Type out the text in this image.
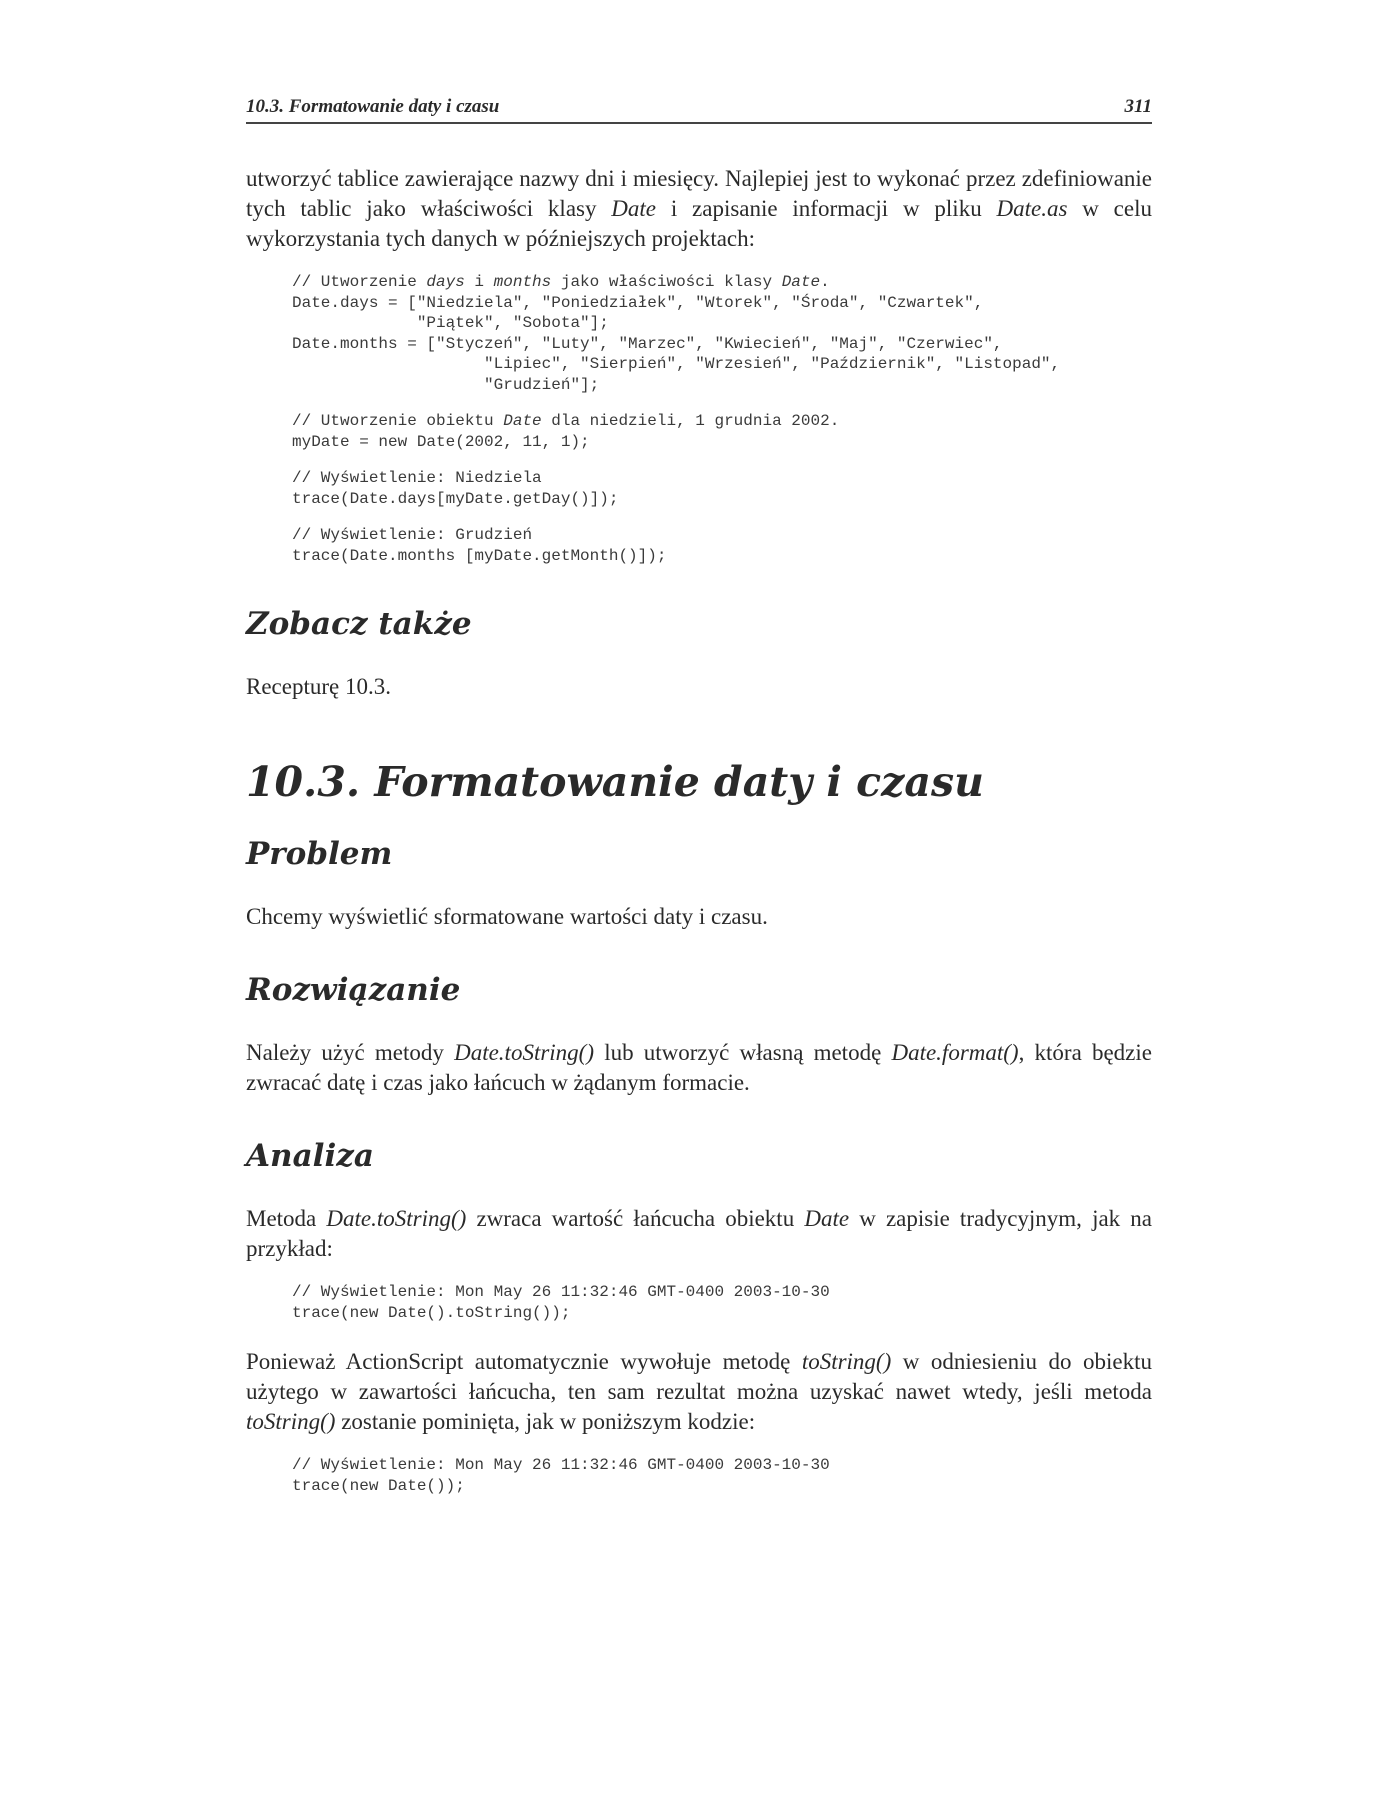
10.3. Formatowanie daty i czasu	311

utworzyć tablice zawierające nazwy dni i miesięcy. Najlepiej jest to wykonać przez zdefiniowanie tych tablic jako właściwości klasy Date i zapisanie informacji w pliku Date.as w celu wykorzystania tych danych w późniejszych projektach:

// Utworzenie days i months jako właściwości klasy Date.
Date.days = ["Niedziela", "Poniedziałek", "Wtorek", "Środa", "Czwartek",
"Piątek", "Sobota"];
Date.months = ["Styczeń", "Luty", "Marzec", "Kwiecień", "Maj", "Czerwiec",
"Lipiec", "Sierpień", "Wrzesień", "Październik", "Listopad",
"Grudzień"];
// Utworzenie obiektu Date dla niedzieli, 1 grudnia 2002.
myDate = new Date(2002, 11, 1);
// Wyświetlenie: Niedziela
trace(Date.days[myDate.getDay()]);
// Wyświetlenie: Grudzień
trace(Date.months [myDate.getMonth()]);
Zobacz także

Recepturę 10.3.

10.3. Formatowanie daty i czasu
Problem

Chcemy wyświetlić sformatowane wartości daty i czasu.

Rozwiązanie

Należy użyć metody Date.toString() lub utworzyć własną metodę Date.format(), która będzie zwracać datę i czas jako łańcuch w żądanym formacie.

Analiza

Metoda Date.toString() zwraca wartość łańcucha obiektu Date w zapisie tradycyjnym, jak na przykład:

// Wyświetlenie: Mon May 26 11:32:46 GMT-0400 2003-10-30
trace(new Date().toString());

Ponieważ ActionScript automatycznie wywołuje metodę toString() w odniesieniu do obiektu użytego w zawartości łańcucha, ten sam rezultat można uzyskać nawet wtedy, jeśli metoda toString() zostanie pominięta, jak w poniższym kodzie:

// Wyświetlenie: Mon May 26 11:32:46 GMT-0400 2003-10-30
trace(new Date());
